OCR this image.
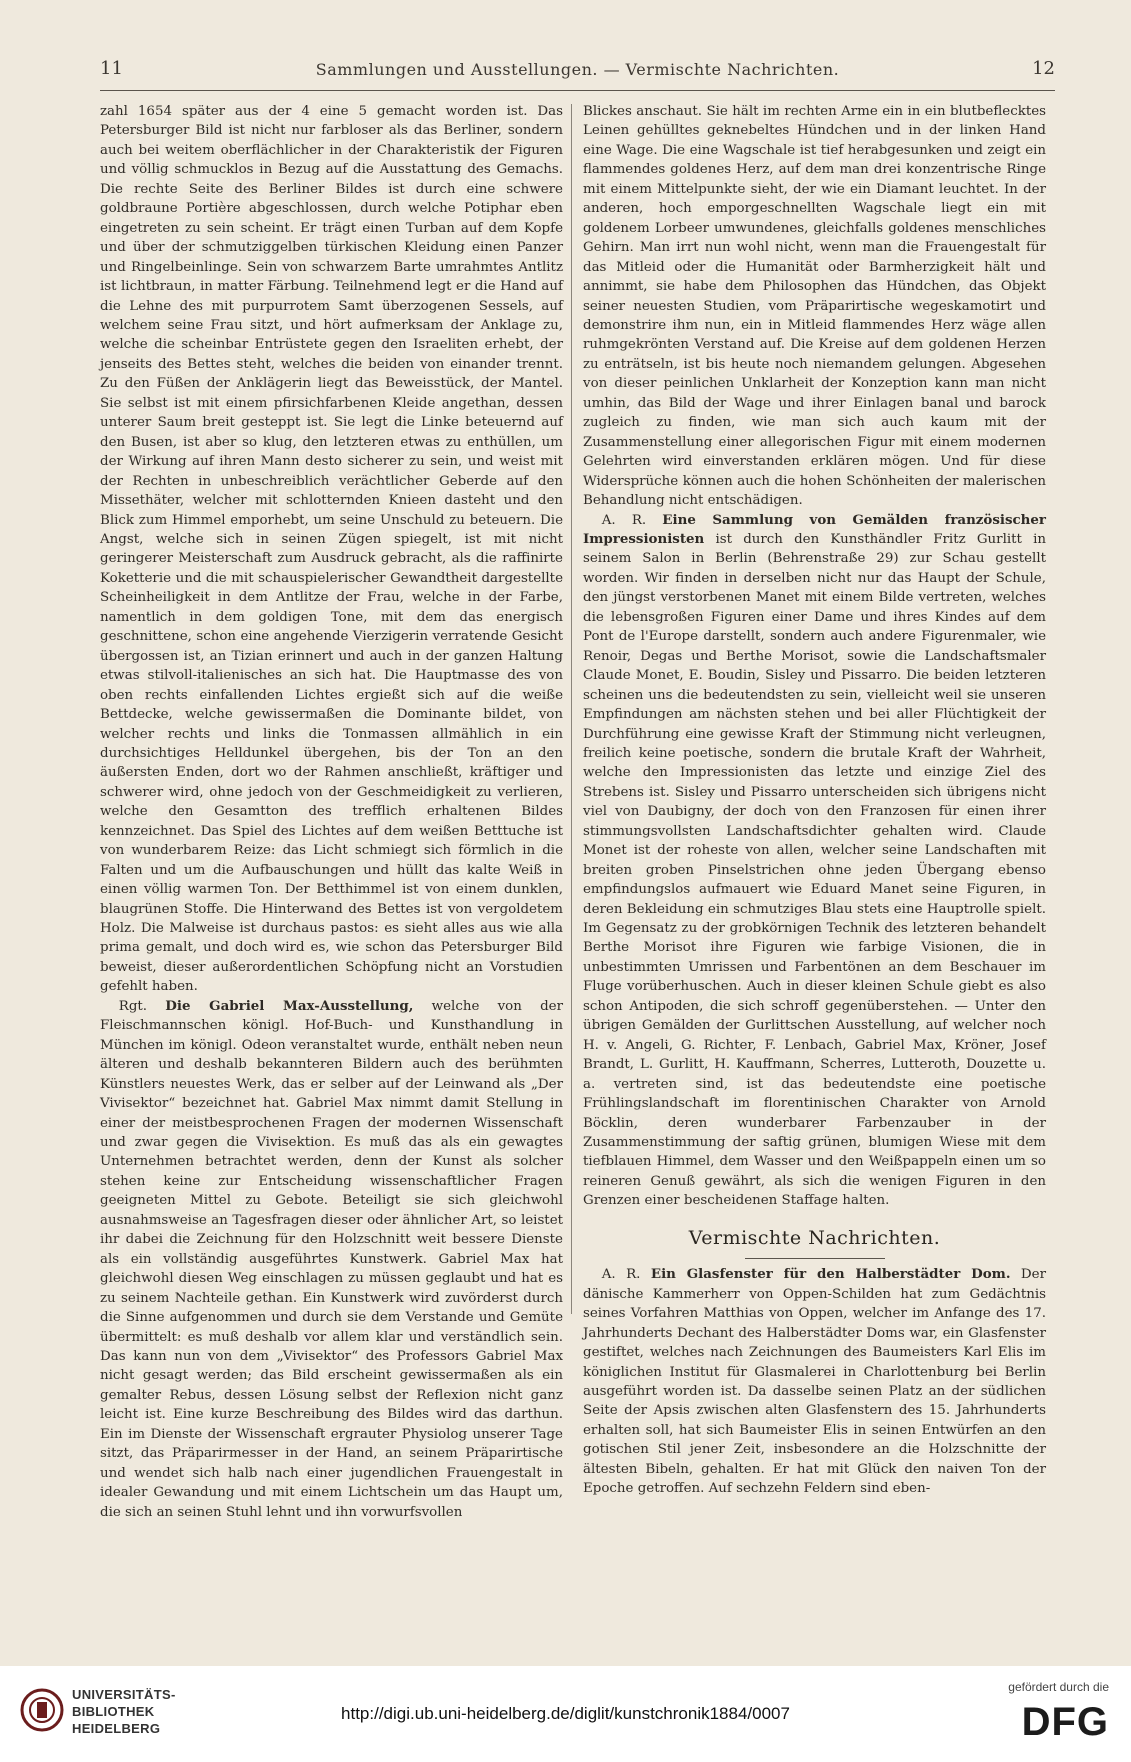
11	Sammlungen und Ausstellungen. — Vermischte Nachrichten.	12

zahl 1654 später aus der 4 eine 5 gemacht worden ist. Das Petersburger Bild ist nicht nur farbloser als das Berliner, sondern auch bei weitem oberflächlicher in der Charakteristik der Figuren und völlig schmucklos in Bezug auf die Ausstattung des Gemachs. Die rechte Seite des Berliner Bildes ist durch eine schwere goldbraune Portière abgeschlossen, durch welche Potiphar eben eingetreten zu sein scheint. Er trägt einen Turban auf dem Kopfe und über der schmutziggelben türkischen Kleidung einen Panzer und Ringelbeinlinge. Sein von schwarzem Barte umrahmtes Antlitz ist lichtbraun, in matter Färbung. Teilnehmend legt er die Hand auf die Lehne des mit purpurrotem Samt überzogenen Sessels, auf welchem seine Frau sitzt, und hört aufmerksam der Anklage zu, welche die scheinbar Entrüstete gegen den Israeliten erhebt, der jenseits des Bettes steht, welches die beiden von einander trennt. Zu den Füßen der Anklägerin liegt das Beweisstück, der Mantel. Sie selbst ist mit einem pfirsichfarbenen Kleide angethan, dessen unterer Saum breit gesteppt ist. Sie legt die Linke beteuernd auf den Busen, ist aber so klug, den letzteren etwas zu enthüllen, um der Wirkung auf ihren Mann desto sicherer zu sein, und weist mit der Rechten in unbeschreiblich verächtlicher Geberde auf den Missethäter, welcher mit schlotternden Knieen dasteht und den Blick zum Himmel emporhebt, um seine Unschuld zu beteuern. Die Angst, welche sich in seinen Zügen spiegelt, ist mit nicht geringerer Meisterschaft zum Ausdruck gebracht, als die raffinirte Koketterie und die mit schauspielerischer Gewandtheit dargestellte Scheinheiligkeit in dem Antlitze der Frau, welche in der Farbe, namentlich in dem goldigen Tone, mit dem das energisch geschnittene, schon eine angehende Vierzigerin verratende Gesicht übergossen ist, an Tizian erinnert und auch in der ganzen Haltung etwas stilvoll-italienisches an sich hat. Die Hauptmasse des von oben rechts einfallenden Lichtes ergießt sich auf die weiße Bettdecke, welche gewissermaßen die Dominante bildet, von welcher rechts und links die Tonmassen allmählich in ein durchsichtiges Helldunkel übergehen, bis der Ton an den äußersten Enden, dort wo der Rahmen anschließt, kräftiger und schwerer wird, ohne jedoch von der Geschmeidigkeit zu verlieren, welche den Gesamtton des trefflich erhaltenen Bildes kennzeichnet. Das Spiel des Lichtes auf dem weißen Betttuche ist von wunderbarem Reize: das Licht schmiegt sich förmlich in die Falten und um die Aufbauschungen und hüllt das kalte Weiß in einen völlig warmen Ton. Der Betthimmel ist von einem dunklen, blaugrünen Stoffe. Die Hinterwand des Bettes ist von vergoldetem Holz. Die Malweise ist durchaus pastos: es sieht alles aus wie alla prima gemalt, und doch wird es, wie schon das Petersburger Bild beweist, dieser außerordentlichen Schöpfung nicht an Vorstudien gefehlt haben.

Rgt. Die Gabriel Max-Ausstellung, welche von der Fleischmannschen königl. Hof-Buch- und Kunsthandlung in München im königl. Odeon veranstaltet wurde, enthält neben neun älteren und deshalb bekannteren Bildern auch des berühmten Künstlers neuestes Werk, das er selber auf der Leinwand als „Der Vivisektor“ bezeichnet hat. Gabriel Max nimmt damit Stellung in einer der meistbesprochenen Fragen der modernen Wissenschaft und zwar gegen die Vivisektion. Es muß das als ein gewagtes Unternehmen betrachtet werden, denn der Kunst als solcher stehen keine zur Entscheidung wissenschaftlicher Fragen geeigneten Mittel zu Gebote. Beteiligt sie sich gleichwohl ausnahmsweise an Tagesfragen dieser oder ähnlicher Art, so leistet ihr dabei die Zeichnung für den Holzschnitt weit bessere Dienste als ein vollständig ausgeführtes Kunstwerk. Gabriel Max hat gleichwohl diesen Weg einschlagen zu müssen geglaubt und hat es zu seinem Nachteile gethan. Ein Kunstwerk wird zuvörderst durch die Sinne aufgenommen und durch sie dem Verstande und Gemüte übermittelt: es muß deshalb vor allem klar und verständlich sein. Das kann nun von dem „Vivisektor“ des Professors Gabriel Max nicht gesagt werden; das Bild erscheint gewissermaßen als ein gemalter Rebus, dessen Lösung selbst der Reflexion nicht ganz leicht ist. Eine kurze Beschreibung des Bildes wird das darthun. Ein im Dienste der Wissenschaft ergrauter Physiolog unserer Tage sitzt, das Präparirmesser in der Hand, an seinem Präparirtische und wendet sich halb nach einer jugendlichen Frauengestalt in idealer Gewandung und mit einem Lichtschein um das Haupt um, die sich an seinen Stuhl lehnt und ihn vorwurfsvollen

Blickes anschaut. Sie hält im rechten Arme ein in ein blutbeflecktes Leinen gehülltes geknebeltes Hündchen und in der linken Hand eine Wage. Die eine Wagschale ist tief herabgesunken und zeigt ein flammendes goldenes Herz, auf dem man drei konzentrische Ringe mit einem Mittelpunkte sieht, der wie ein Diamant leuchtet. In der anderen, hoch emporgeschnellten Wagschale liegt ein mit goldenem Lorbeer umwundenes, gleichfalls goldenes menschliches Gehirn. Man irrt nun wohl nicht, wenn man die Frauengestalt für das Mitleid oder die Humanität oder Barmherzigkeit hält und annimmt, sie habe dem Philosophen das Hündchen, das Objekt seiner neuesten Studien, vom Präparirtische wegeskamotirt und demonstrire ihm nun, ein in Mitleid flammendes Herz wäge allen ruhmgekrönten Verstand auf. Die Kreise auf dem goldenen Herzen zu enträtseln, ist bis heute noch niemandem gelungen. Abgesehen von dieser peinlichen Unklarheit der Konzeption kann man nicht umhin, das Bild der Wage und ihrer Einlagen banal und barock zugleich zu finden, wie man sich auch kaum mit der Zusammenstellung einer allegorischen Figur mit einem modernen Gelehrten wird einverstanden erklären mögen. Und für diese Widersprüche können auch die hohen Schönheiten der malerischen Behandlung nicht entschädigen.

A. R. Eine Sammlung von Gemälden französischer Impressionisten ist durch den Kunsthändler Fritz Gurlitt in seinem Salon in Berlin (Behrenstraße 29) zur Schau gestellt worden. Wir finden in derselben nicht nur das Haupt der Schule, den jüngst verstorbenen Manet mit einem Bilde vertreten, welches die lebensgroßen Figuren einer Dame und ihres Kindes auf dem Pont de l'Europe darstellt, sondern auch andere Figurenmaler, wie Renoir, Degas und Berthe Morisot, sowie die Landschaftsmaler Claude Monet, E. Boudin, Sisley und Pissarro. Die beiden letzteren scheinen uns die bedeutendsten zu sein, vielleicht weil sie unseren Empfindungen am nächsten stehen und bei aller Flüchtigkeit der Durchführung eine gewisse Kraft der Stimmung nicht verleugnen, freilich keine poetische, sondern die brutale Kraft der Wahrheit, welche den Impressionisten das letzte und einzige Ziel des Strebens ist. Sisley und Pissarro unterscheiden sich übrigens nicht viel von Daubigny, der doch von den Franzosen für einen ihrer stimmungsvollsten Landschaftsdichter gehalten wird. Claude Monet ist der roheste von allen, welcher seine Landschaften mit breiten groben Pinselstrichen ohne jeden Übergang ebenso empfindungslos aufmauert wie Eduard Manet seine Figuren, in deren Bekleidung ein schmutziges Blau stets eine Hauptrolle spielt. Im Gegensatz zu der grobkörnigen Technik des letzteren behandelt Berthe Morisot ihre Figuren wie farbige Visionen, die in unbestimmten Umrissen und Farbentönen an dem Beschauer im Fluge vorüberhuschen. Auch in dieser kleinen Schule giebt es also schon Antipoden, die sich schroff gegenüberstehen. — Unter den übrigen Gemälden der Gurlittschen Ausstellung, auf welcher noch H. v. Angeli, G. Richter, F. Lenbach, Gabriel Max, Kröner, Josef Brandt, L. Gurlitt, H. Kauffmann, Scherres, Lutteroth, Douzette u. a. vertreten sind, ist das bedeutendste eine poetische Frühlingslandschaft im florentinischen Charakter von Arnold Böcklin, deren wunderbarer Farbenzauber in der Zusammenstimmung der saftig grünen, blumigen Wiese mit dem tiefblauen Himmel, dem Wasser und den Weißpappeln einen um so reineren Genuß gewährt, als sich die wenigen Figuren in den Grenzen einer bescheidenen Staffage halten.

Vermischte Nachrichten.

A. R. Ein Glasfenster für den Halberstädter Dom. Der dänische Kammerherr von Oppen-Schilden hat zum Gedächtnis seines Vorfahren Matthias von Oppen, welcher im Anfange des 17. Jahrhunderts Dechant des Halberstädter Doms war, ein Glasfenster gestiftet, welches nach Zeichnungen des Baumeisters Karl Elis im königlichen Institut für Glasmalerei in Charlottenburg bei Berlin ausgeführt worden ist. Da dasselbe seinen Platz an der südlichen Seite der Apsis zwischen alten Glasfenstern des 15. Jahrhunderts erhalten soll, hat sich Baumeister Elis in seinen Entwürfen an den gotischen Stil jener Zeit, insbesondere an die Holzschnitte der ältesten Bibeln, gehalten. Er hat mit Glück den naiven Ton der Epoche getroffen. Auf sechzehn Feldern sind eben-

UNIVERSITÄTS-
BIBLIOTHEK
HEIDELBERG
http://digi.ub.uni-heidelberg.de/diglit/kunstchronik1884/0007
gefördert durch die
DFG
